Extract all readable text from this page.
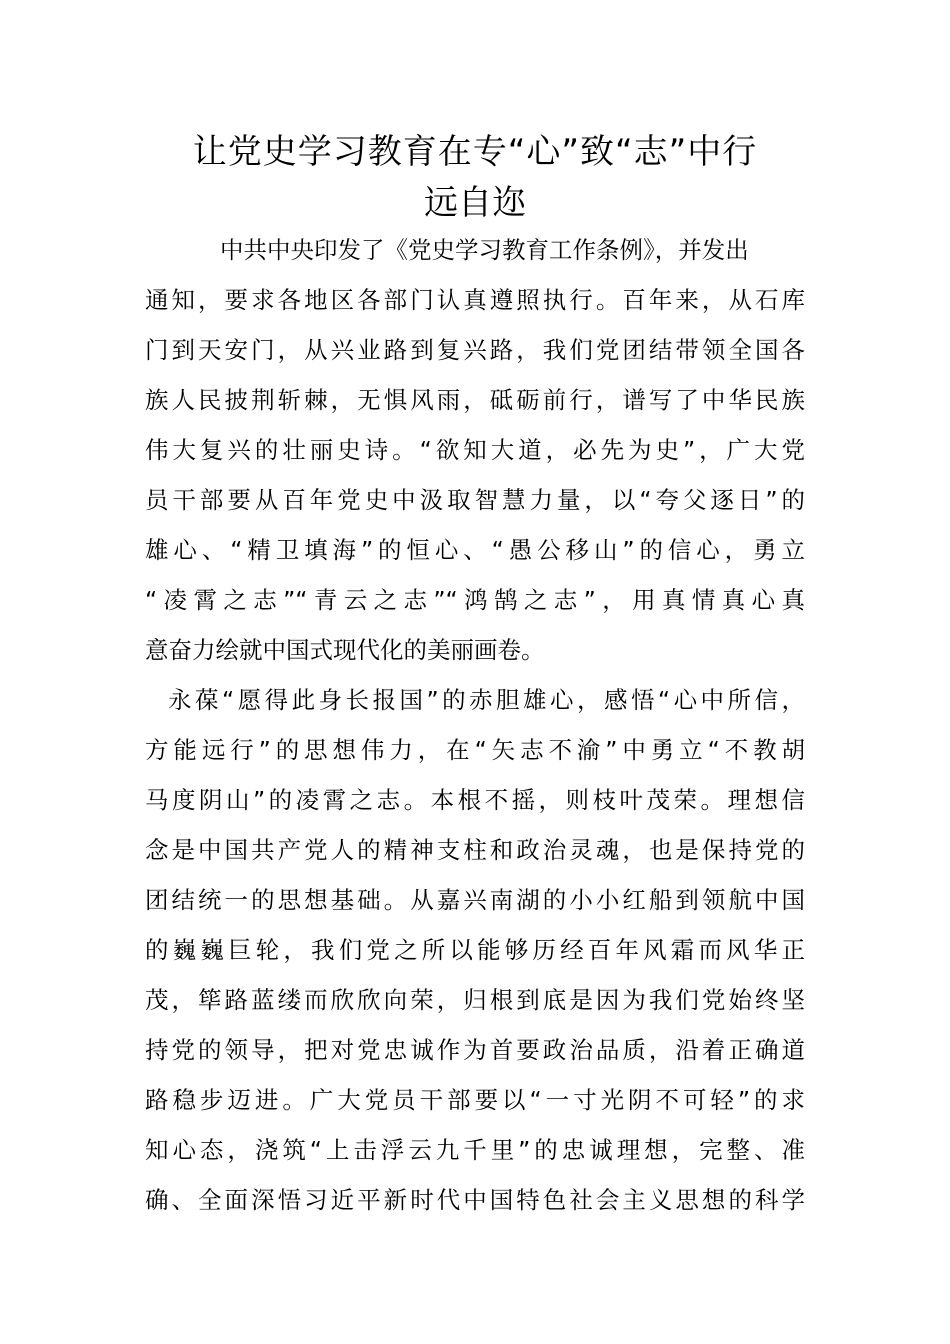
让党史学习教育在专“心”致“志”中行
远自迩

中共中央印发了《党史学习教育工作条例》，并发出

通知，要求各地区各部门认真遵照执行。百年来，从石库

门到天安门，从兴业路到复兴路，我们党团结带领全国各

族人民披荆斩棘，无惧风雨，砥砺前行，谱写了中华民族

伟大复兴的壮丽史诗。“欲知大道，必先为史”，广大党

员干部要从百年党史中汲取智慧力量，以“夸父逐日”的

雄心、“精卫填海”的恒心、“愚公移山”的信心，勇立

“凌霄之志”“青云之志”“鸿鹄之志”，用真情真心真

意奋力绘就中国式现代化的美丽画卷。

永葆“愿得此身长报国”的赤胆雄心，感悟“心中所信，

方能远行”的思想伟力，在“矢志不渝”中勇立“不教胡

马度阴山”的凌霄之志。本根不摇，则枝叶茂荣。理想信

念是中国共产党人的精神支柱和政治灵魂，也是保持党的

团结统一的思想基础。从嘉兴南湖的小小红船到领航中国

的巍巍巨轮，我们党之所以能够历经百年风霜而风华正

茂，筚路蓝缕而欣欣向荣，归根到底是因为我们党始终坚

持党的领导，把对党忠诚作为首要政治品质，沿着正确道

路稳步迈进。广大党员干部要以“一寸光阴不可轻”的求

知心态，浇筑“上击浮云九千里”的忠诚理想，完整、准

确、全面深悟习近平新时代中国特色社会主义思想的科学
